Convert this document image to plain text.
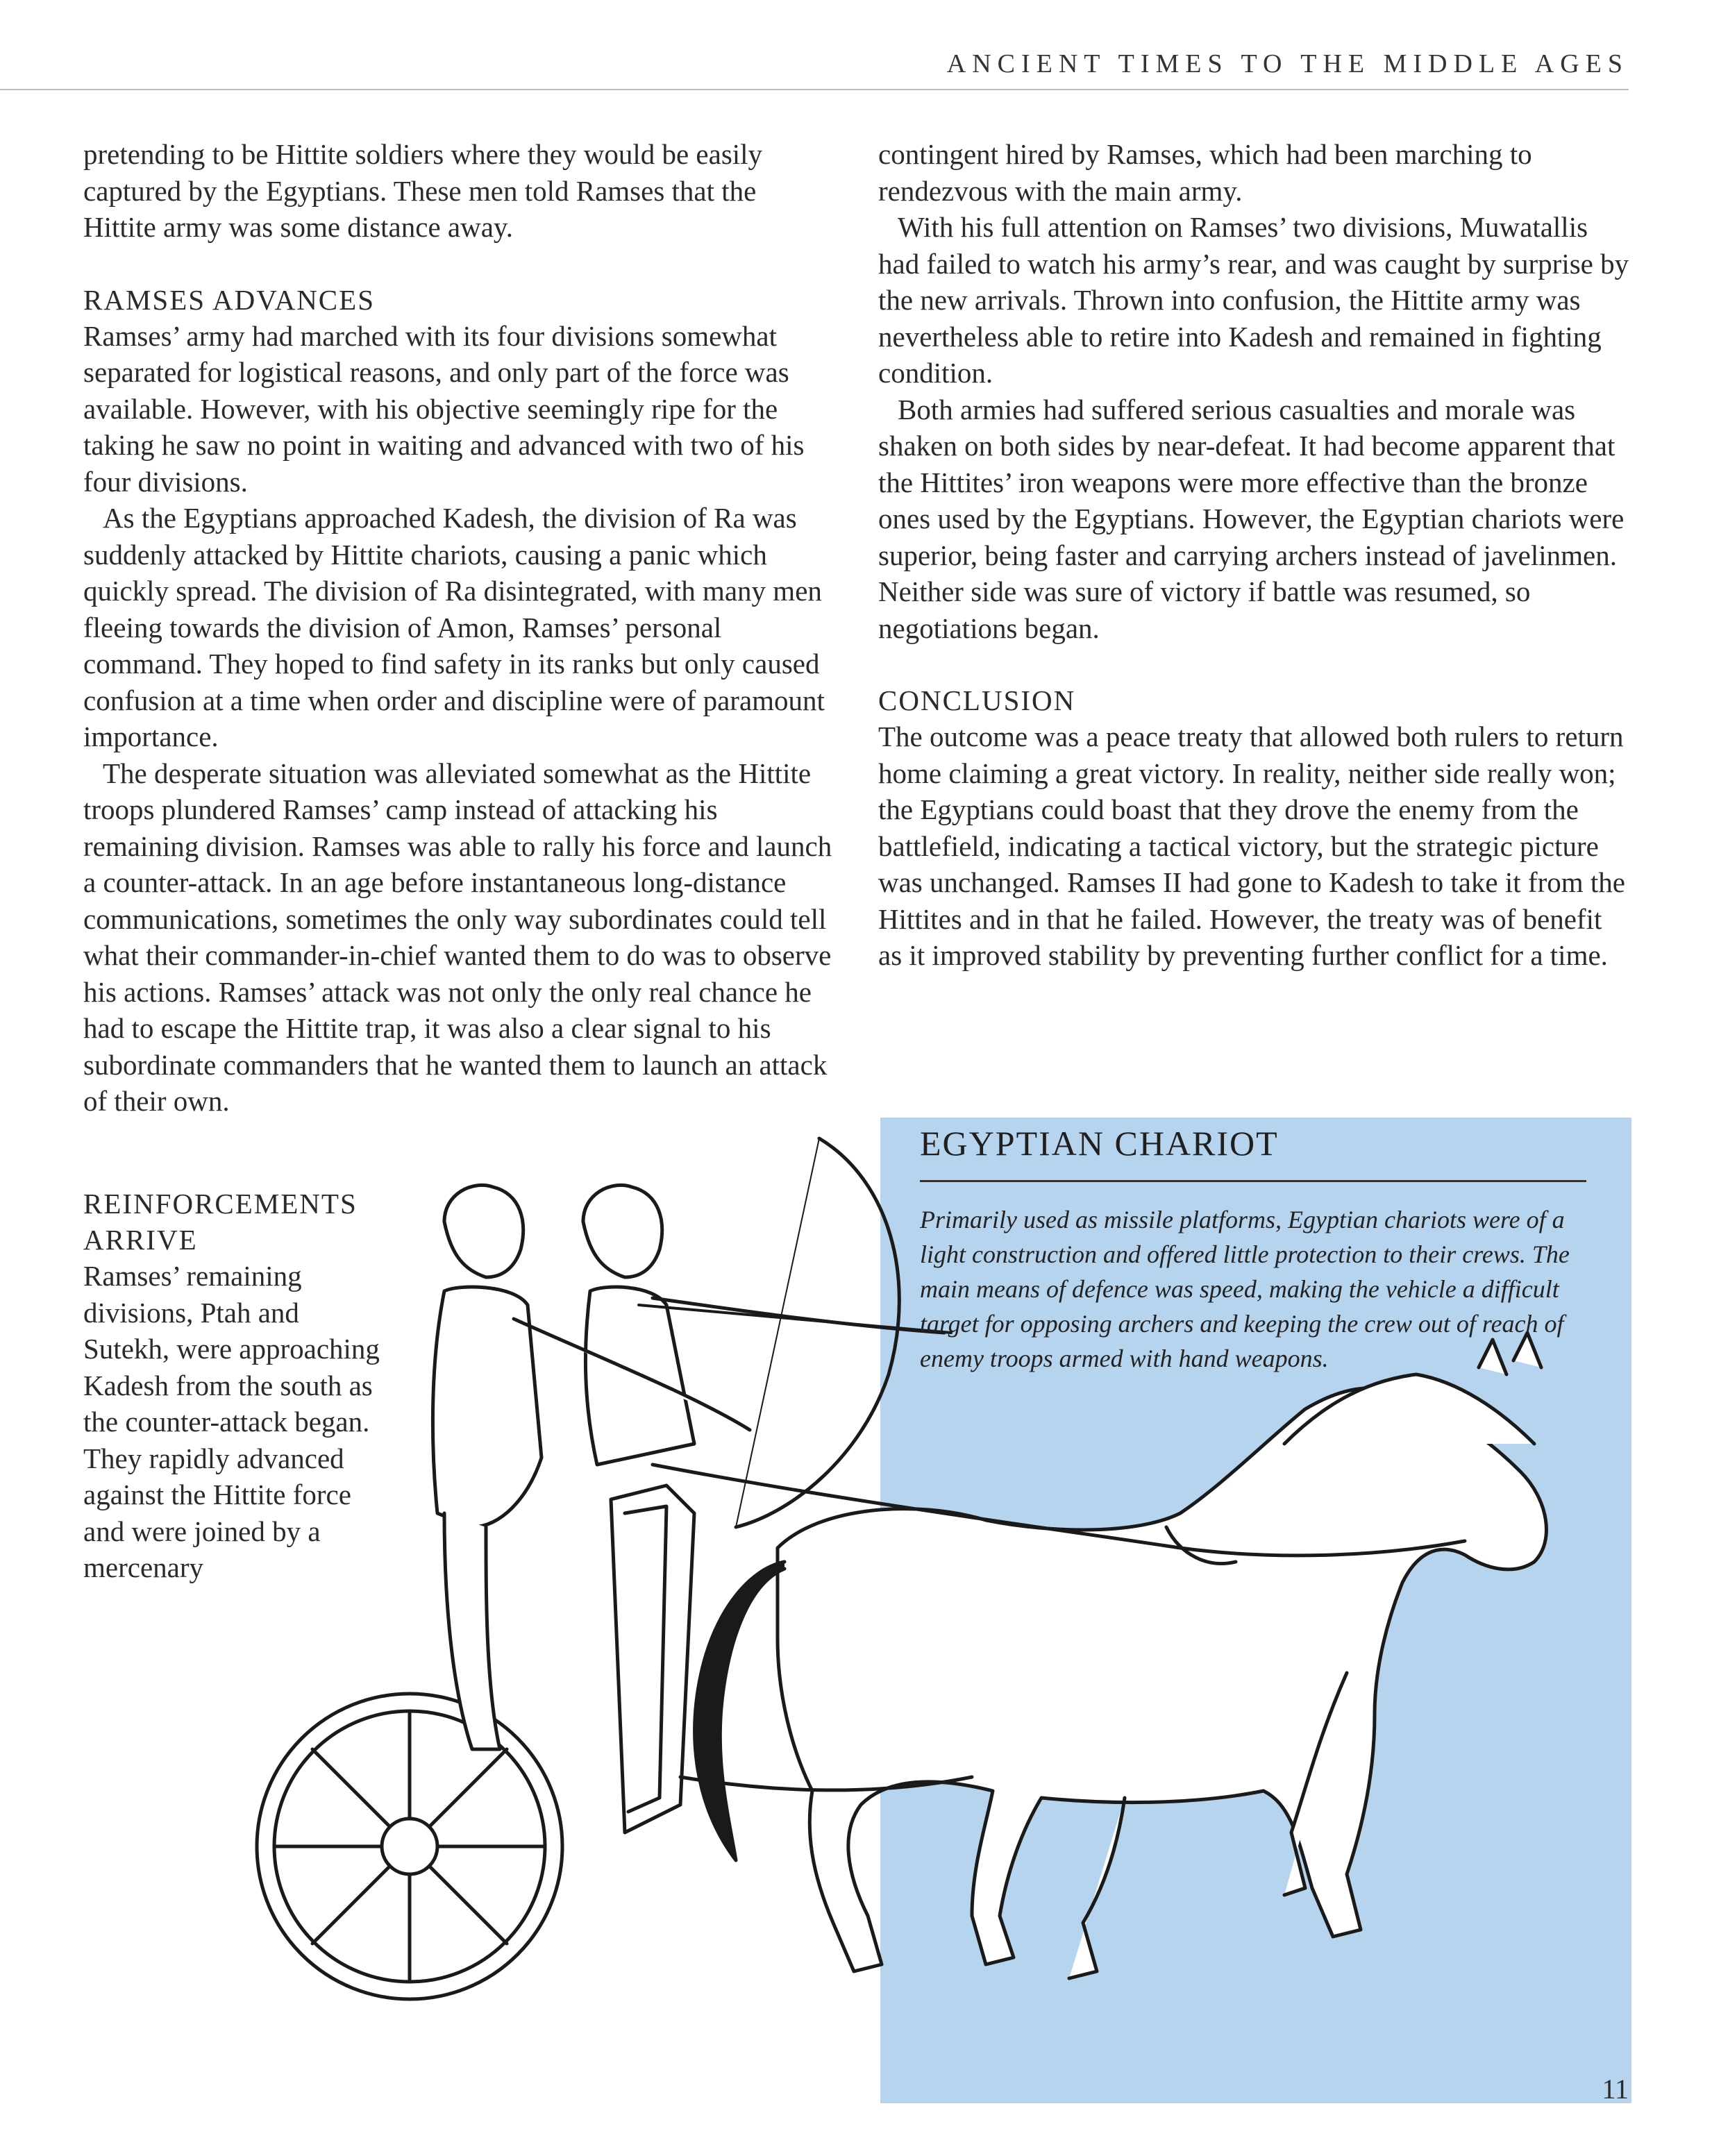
ANCIENT TIMES TO THE MIDDLE AGES

pretending to be Hittite soldiers where they would be easily captured by the Egyptians. These men told Ramses that the Hittite army was some distance away.

RAMSES ADVANCES

Ramses’ army had marched with its four divisions somewhat separated for logistical reasons, and only part of the force was available. However, with his objective seemingly ripe for the taking he saw no point in waiting and advanced with two of his four divisions.

As the Egyptians approached Kadesh, the division of Ra was suddenly attacked by Hittite chariots, causing a panic which quickly spread. The division of Ra disintegrated, with many men fleeing towards the division of Amon, Ramses’ personal command. They hoped to find safety in its ranks but only caused confusion at a time when order and discipline were of paramount importance.

The desperate situation was alleviated somewhat as the Hittite troops plundered Ramses’ camp instead of attacking his remaining division. Ramses was able to rally his force and launch a counter-attack. In an age before instantaneous long-distance communications, sometimes the only way subordinates could tell what their commander-in-chief wanted them to do was to observe his actions. Ramses’ attack was not only the only real chance he had to escape the Hittite trap, it was also a clear signal to his subordinate commanders that he wanted them to launch an attack of their own.

REINFORCEMENTS
ARRIVE

Ramses’ remaining divisions, Ptah and Sutekh, were approaching Kadesh from the south as the counter-attack began. They rapidly advanced against the Hittite force and were joined by a mercenary

contingent hired by Ramses, which had been marching to rendezvous with the main army.

With his full attention on Ramses’ two divisions, Muwatallis had failed to watch his army’s rear, and was caught by surprise by the new arrivals. Thrown into confusion, the Hittite army was nevertheless able to retire into Kadesh and remained in fighting condition.

Both armies had suffered serious casualties and morale was shaken on both sides by near-defeat. It had become apparent that the Hittites’ iron weapons were more effective than the bronze ones used by the Egyptians. However, the Egyptian chariots were superior, being faster and carrying archers instead of javelinmen. Neither side was sure of victory if battle was resumed, so negotiations began.

CONCLUSION

The outcome was a peace treaty that allowed both rulers to return home claiming a great victory. In reality, neither side really won; the Egyptians could boast that they drove the enemy from the battlefield, indicating a tactical victory, but the strategic picture was unchanged. Ramses II had gone to Kadesh to take it from the Hittites and in that he failed. However, the treaty was of benefit as it improved stability by preventing further conflict for a time.

EGYPTIAN CHARIOT
Primarily used as missile platforms, Egyptian chariots were of a light construction and offered little protection to their crews. The main means of defence was speed, making the vehicle a difficult target for opposing archers and keeping the crew out of reach of enemy troops armed with hand weapons.
11
